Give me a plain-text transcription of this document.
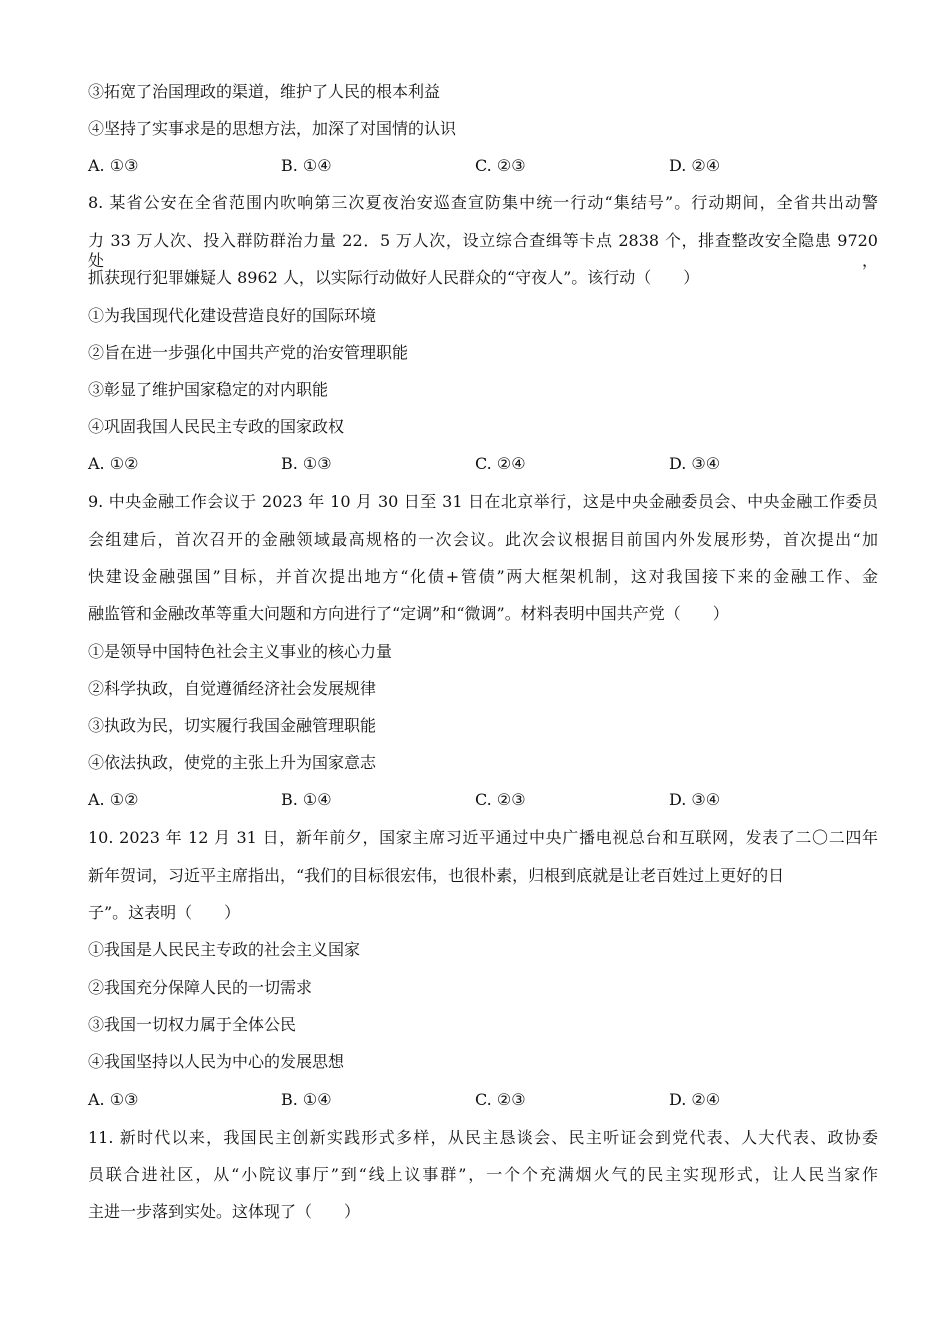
③拓宽了治国理政的渠道，维护了人民的根本利益
④坚持了实事求是的思想方法，加深了对国情的认识
A. ①③	B. ①④	C. ②③	D. ②④
8. 某省公安在全省范围内吹响第三次夏夜治安巡查宣防集中统一行动“集结号”。行动期间，全省共出动警
力 33 万人次、投入群防群治力量 22．5 万人次，设立综合查缉等卡点 2838 个，排查整改安全隐患 9720 处，
抓获现行犯罪嫌疑人 8962 人，以实际行动做好人民群众的“守夜人”。该行动（　　）
①为我国现代化建设营造良好的国际环境
②旨在进一步强化中国共产党的治安管理职能
③彰显了维护国家稳定的对内职能
④巩固我国人民民主专政的国家政权
A. ①②	B. ①③	C. ②④	D. ③④
9. 中央金融工作会议于 2023 年 10 月 30 日至 31 日在北京举行，这是中央金融委员会、中央金融工作委员
会组建后，首次召开的金融领域最高规格的一次会议。此次会议根据目前国内外发展形势，首次提出“加
快建设金融强国”目标，并首次提出地方“化债+管债”两大框架机制，这对我国接下来的金融工作、金
融监管和金融改革等重大问题和方向进行了“定调”和“微调”。材料表明中国共产党（　　）
①是领导中国特色社会主义事业的核心力量
②科学执政，自觉遵循经济社会发展规律
③执政为民，切实履行我国金融管理职能
④依法执政，使党的主张上升为国家意志
A. ①②	B. ①④	C. ②③	D. ③④
10. 2023 年 12 月 31 日，新年前夕，国家主席习近平通过中央广播电视总台和互联网，发表了二〇二四年
新年贺词，习近平主席指出，“我们的目标很宏伟，也很朴素，归根到底就是让老百姓过上更好的日
子”。这表明（　　）
①我国是人民民主专政的社会主义国家
②我国充分保障人民的一切需求
③我国一切权力属于全体公民
④我国坚持以人民为中心的发展思想
A. ①③	B. ①④	C. ②③	D. ②④
11. 新时代以来，我国民主创新实践形式多样，从民主恳谈会、民主听证会到党代表、人大代表、政协委
员联合进社区，从“小院议事厅”到“线上议事群”，一个个充满烟火气的民主实现形式，让人民当家作
主进一步落到实处。这体现了（　　）
